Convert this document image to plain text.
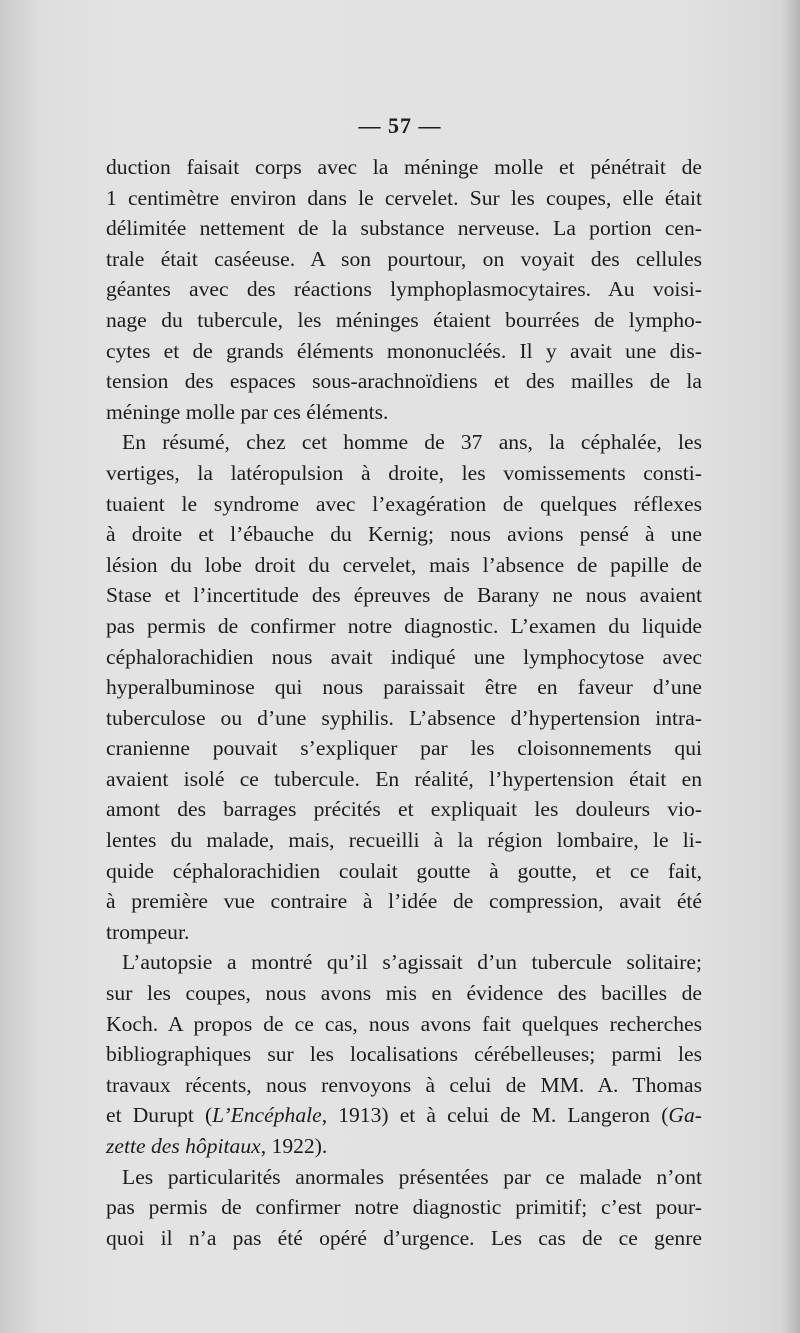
— 57 —
duction faisait corps avec la méninge molle et pénétrait de
1 centimètre environ dans le cervelet. Sur les coupes, elle était
délimitée nettement de la substance nerveuse. La portion cen-
trale était caséeuse. A son pourtour, on voyait des cellules
géantes avec des réactions lymphoplasmocytaires. Au voisi-
nage du tubercule, les méninges étaient bourrées de lympho-
cytes et de grands éléments mononucléés. Il y avait une dis-
tension des espaces sous-arachnoïdiens et des mailles de la
méninge molle par ces éléments.
En résumé, chez cet homme de 37 ans, la céphalée, les
vertiges, la latéropulsion à droite, les vomissements consti-
tuaient le syndrome avec l’exagération de quelques réflexes
à droite et l’ébauche du Kernig; nous avions pensé à une
lésion du lobe droit du cervelet, mais l’absence de papille de
Stase et l’incertitude des épreuves de Barany ne nous avaient
pas permis de confirmer notre diagnostic. L’examen du liquide
céphalorachidien nous avait indiqué une lymphocytose avec
hyperalbuminose qui nous paraissait être en faveur d’une
tuberculose ou d’une syphilis. L’absence d’hypertension intra-
cranienne pouvait s’expliquer par les cloisonnements qui
avaient isolé ce tubercule. En réalité, l’hypertension était en
amont des barrages précités et expliquait les douleurs vio-
lentes du malade, mais, recueilli à la région lombaire, le li-
quide céphalorachidien coulait goutte à goutte, et ce fait,
à première vue contraire à l’idée de compression, avait été
trompeur.
L’autopsie a montré qu’il s’agissait d’un tubercule solitaire;
sur les coupes, nous avons mis en évidence des bacilles de
Koch. A propos de ce cas, nous avons fait quelques recherches
bibliographiques sur les localisations cérébelleuses; parmi les
travaux récents, nous renvoyons à celui de MM. A. Thomas
et Durupt (L’Encéphale, 1913) et à celui de M. Langeron (Ga-
zette des hôpitaux, 1922).
Les particularités anormales présentées par ce malade n’ont
pas permis de confirmer notre diagnostic primitif; c’est pour-
quoi il n’a pas été opéré d’urgence. Les cas de ce genre
